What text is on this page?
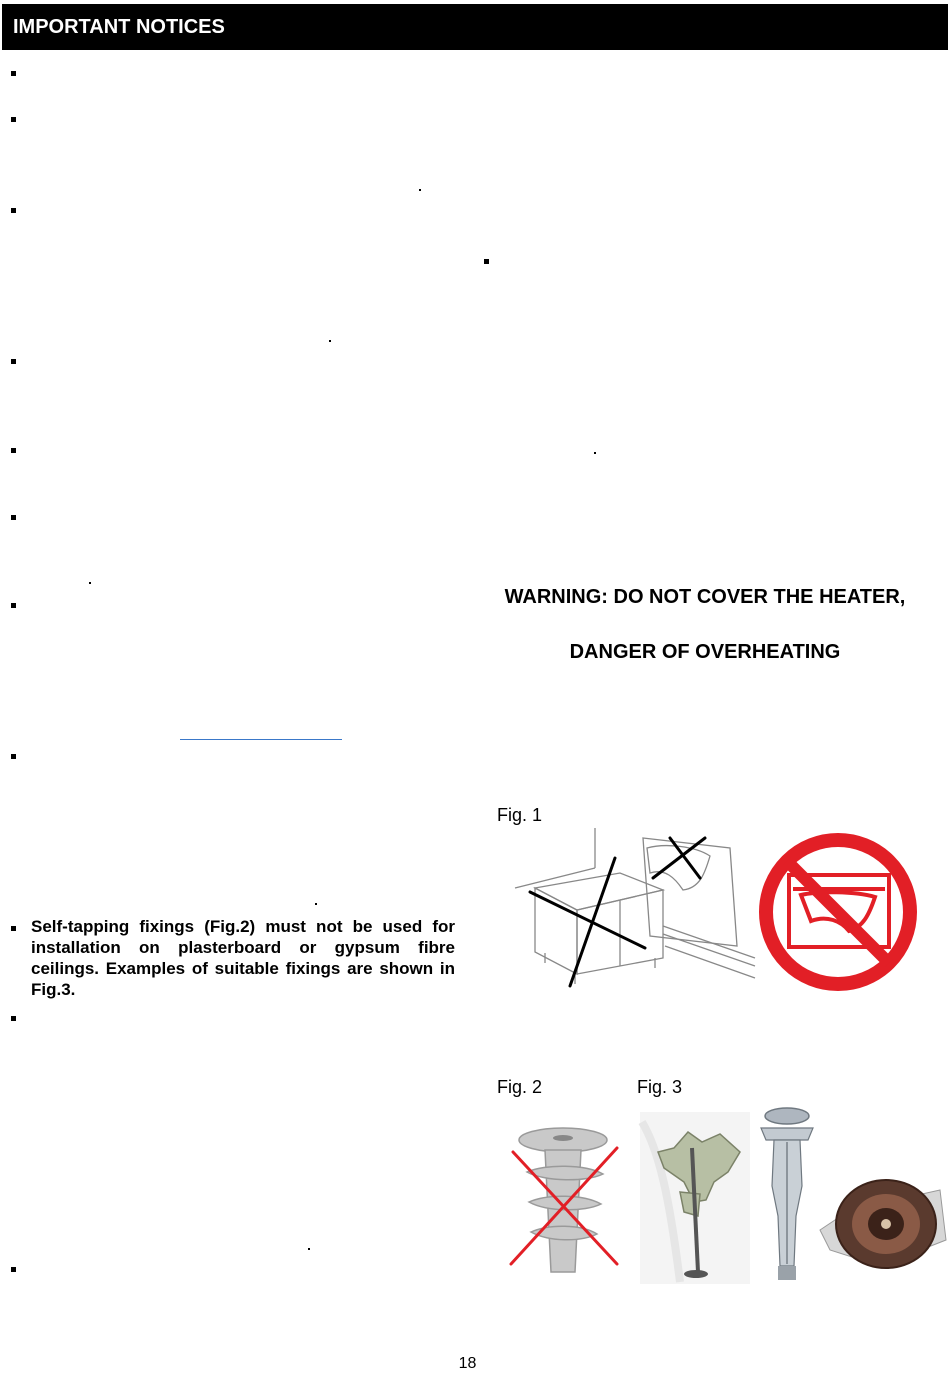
IMPORTANT NOTICES
Self-tapping fixings (Fig.2) must not be used for installation on plasterboard or gypsum fibre ceilings. Examples of suitable fixings are shown in Fig.3.
WARNING: DO NOT COVER THE HEATER,
DANGER OF OVERHEATING
Fig. 1
Fig. 2	Fig. 3
18
